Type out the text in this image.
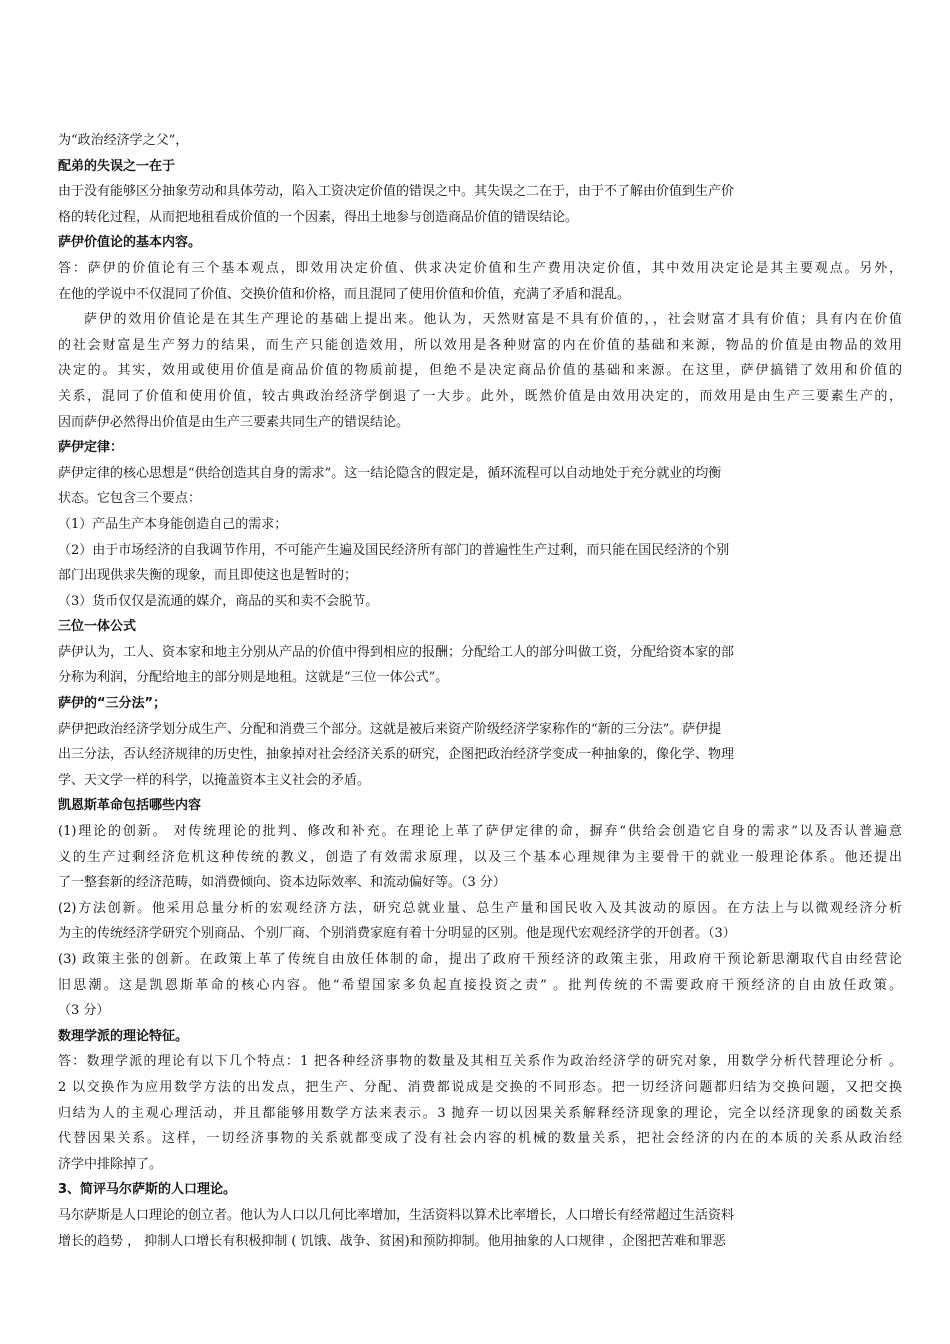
为“政治经济学之父”，
配弟的失误之一在于
由于没有能够区分抽象劳动和具体劳动，陷入工资决定价值的错误之中。其失误之二在于，由于不了解由价值到生产价
格的转化过程，从而把地租看成价值的一个因素，得出土地参与创造商品价值的错误结论。
萨伊价值论的基本内容。
答：萨伊的价值论有三个基本观点，即效用决定价值、供求决定价值和生产费用决定价值，其中效用决定论是其主要观点。另外，
在他的学说中不仅混同了价值、交换价值和价格，而且混同了使用价值和价值，充满了矛盾和混乱。
萨伊的效用价值论是在其生产理论的基础上提出来。他认为，天然财富是不具有价值的，，社会财富才具有价值；具有内在价值
的社会财富是生产努力的结果，而生产只能创造效用，所以效用是各种财富的内在价值的基础和来源，物品的价值是由物品的效用
决定的。其实，效用或使用价值是商品价值的物质前提，但绝不是决定商品价值的基础和来源。在这里，萨伊搞错了效用和价值的
关系，混同了价值和使用价值，较古典政治经济学倒退了一大步。此外，既然价值是由效用决定的，而效用是由生产三要素生产的，
因而萨伊必然得出价值是由生产三要素共同生产的错误结论。
萨伊定律：
萨伊定律的核心思想是“供给创造其自身的需求”。这一结论隐含的假定是，循环流程可以自动地处于充分就业的均衡
状态。它包含三个要点：
（1）产品生产本身能创造自己的需求；
（2）由于市场经济的自我调节作用，不可能产生遍及国民经济所有部门的普遍性生产过剩，而只能在国民经济的个别
部门出现供求失衡的现象，而且即使这也是暂时的；
（3）货币仅仅是流通的媒介，商品的买和卖不会脱节。
三位一体公式
萨伊认为，工人、资本家和地主分别从产品的价值中得到相应的报酬；分配给工人的部分叫做工资，分配给资本家的部
分称为利润，分配给地主的部分则是地租。这就是“三位一体公式”。
萨伊的“三分法”；
萨伊把政治经济学划分成生产、分配和消费三个部分。这就是被后来资产阶级经济学家称作的“新的三分法”。萨伊提
出三分法，否认经济规律的历史性，抽象掉对社会经济关系的研究，企图把政治经济学变成一种抽象的，像化学、物理
学、天文学一样的科学，以掩盖资本主义社会的矛盾。
凯恩斯革命包括哪些内容
(1)理论的创新。 对传统理论的批判、修改和补充。在理论上革了萨伊定律的命，摒弃“供给会创造它自身的需求”以及否认普遍意
义的生产过剩经济危机这种传统的教义，创造了有效需求原理，以及三个基本心理规律为主要骨干的就业一般理论体系。他还提出
了一整套新的经济范畴，如消费倾向、资本边际效率、和流动偏好等。（3 分）
(2)方法创新。他采用总量分析的宏观经济方法，研究总就业量、总生产量和国民收入及其波动的原因。在方法上与以微观经济分析
为主的传统经济学研究个别商品、个别厂商、个别消费家庭有着十分明显的区别。他是现代宏观经济学的开创者。（3）
(3) 政策主张的创新。在政策上革了传统自由放任体制的命，提出了政府干预经济的政策主张，用政府干预论新思潮取代自由经营论
旧思潮。这是凯恩斯革命的核心内容。他“希望国家多负起直接投资之责” 。批判传统的不需要政府干预经济的自由放任政策。
（3 分）
数理学派的理论特征。
答：数理学派的理论有以下几个特点：1 把各种经济事物的数量及其相互关系作为政治经济学的研究对象，用数学分析代替理论分析 。
2 以交换作为应用数学方法的出发点，把生产、分配、消费都说成是交换的不同形态。把一切经济问题都归结为交换问题，又把交换
归结为人的主观心理活动，并且都能够用数学方法来表示。3 抛弃一切以因果关系解释经济现象的理论，完全以经济现象的函数关系
代替因果关系。这样，一切经济事物的关系就都变成了没有社会内容的机械的数量关系，把社会经济的内在的本质的关系从政治经
济学中排除掉了。
3、简评马尔萨斯的人口理论。
马尔萨斯是人口理论的创立者。他认为人口以几何比率增加，生活资料以算术比率增长，人口增长有经常超过生活资料
增长的趋势 ， 抑制人口增长有积极抑制 ( 饥饿、战争、贫困)和预防抑制。他用抽象的人口规律 ，企图把苦难和罪恶
